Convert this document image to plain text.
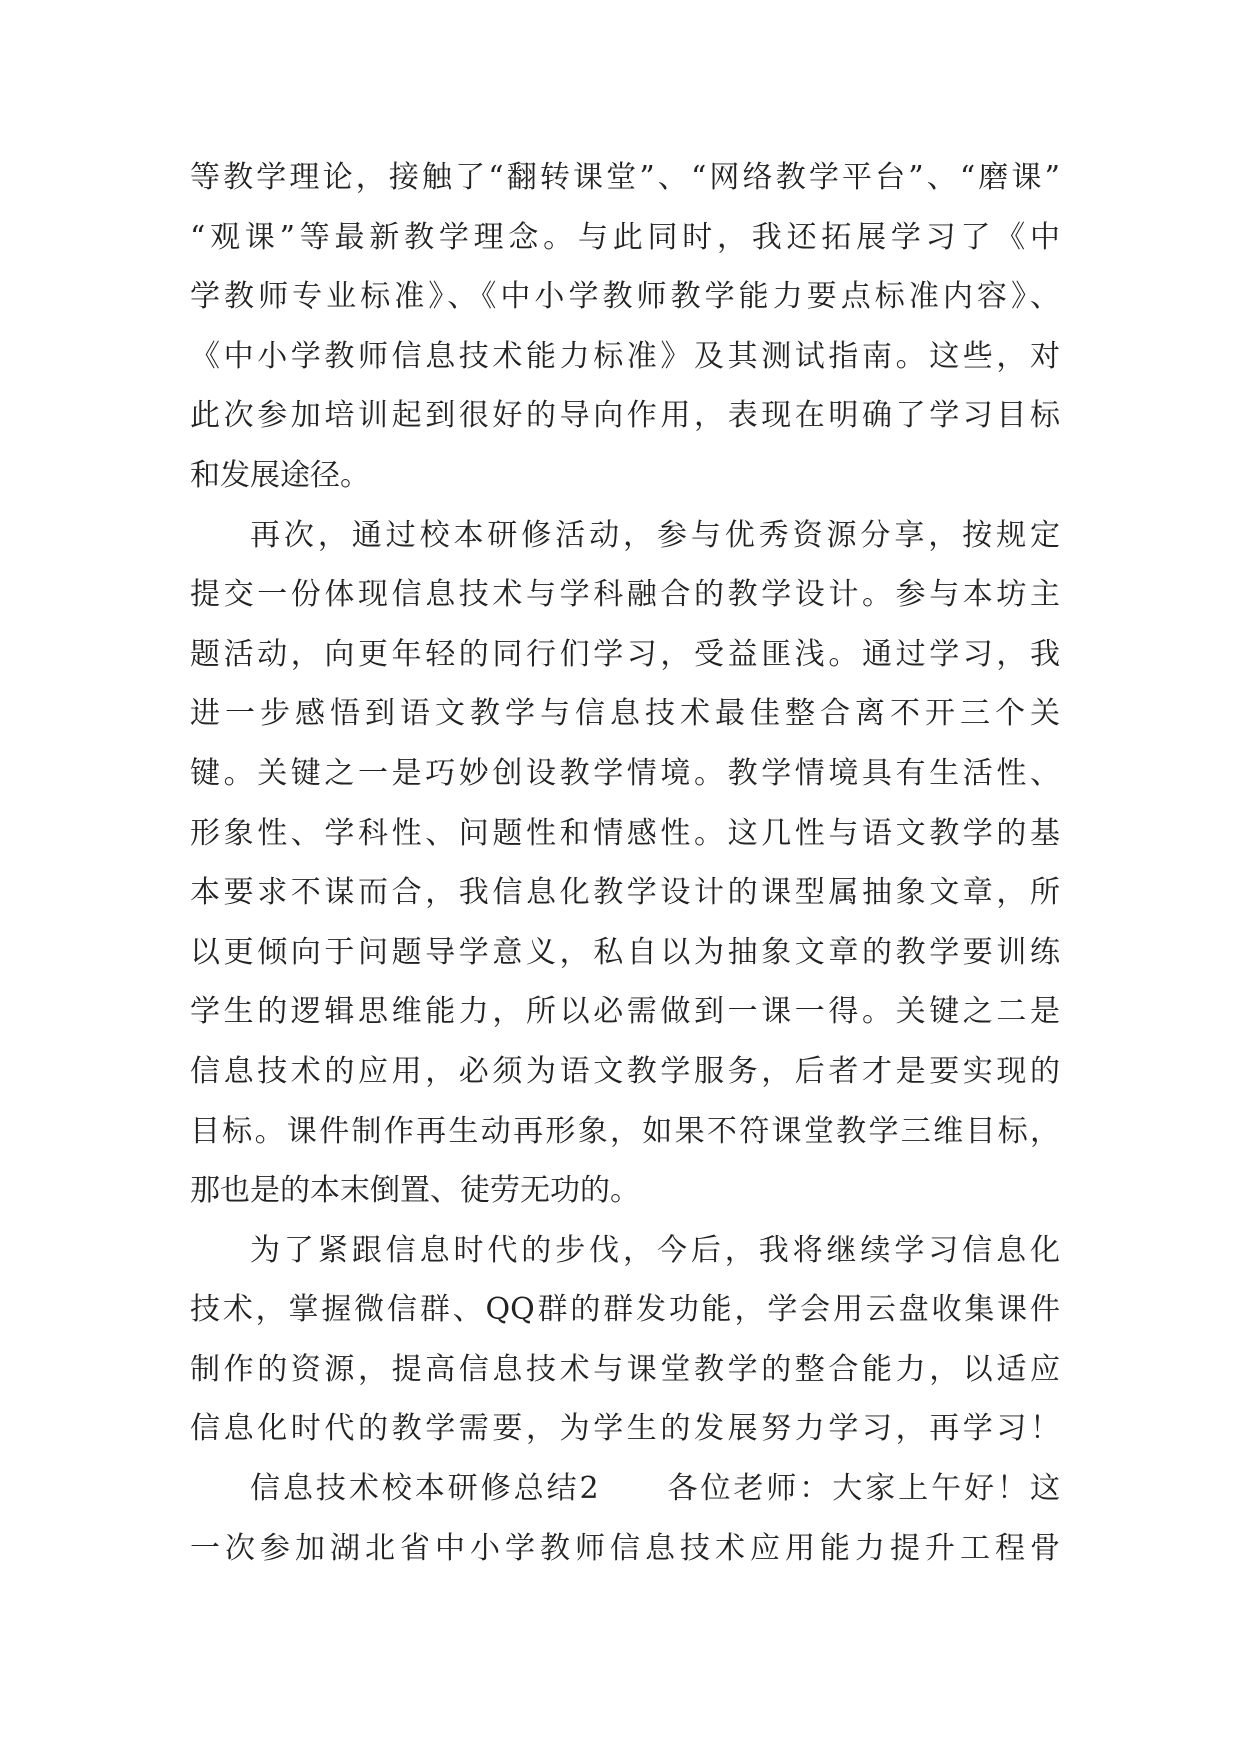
等教学理论，接触了“翻转课堂”、“网络教学平台”、“磨课”
“观课”等最新教学理念。与此同时，我还拓展学习了《中
学教师专业标准》、《中小学教师教学能力要点标准内容》、
《中小学教师信息技术能力标准》及其测试指南。这些，对
此次参加培训起到很好的导向作用，表现在明确了学习目标
和发展途径。
再次，通过校本研修活动，参与优秀资源分享，按规定
提交一份体现信息技术与学科融合的教学设计。参与本坊主
题活动，向更年轻的同行们学习，受益匪浅。通过学习，我
进一步感悟到语文教学与信息技术最佳整合离不开三个关
键。关键之一是巧妙创设教学情境。教学情境具有生活性、
形象性、学科性、问题性和情感性。这几性与语文教学的基
本要求不谋而合，我信息化教学设计的课型属抽象文章，所
以更倾向于问题导学意义，私自以为抽象文章的教学要训练
学生的逻辑思维能力，所以必需做到一课一得。关键之二是
信息技术的应用，必须为语文教学服务，后者才是要实现的
目标。课件制作再生动再形象，如果不符课堂教学三维目标，
那也是的本末倒置、徒劳无功的。
为了紧跟信息时代的步伐，今后，我将继续学习信息化
技术，掌握微信群、QQ群的群发功能，学会用云盘收集课件
制作的资源，提高信息技术与课堂教学的整合能力，以适应
信息化时代的教学需要，为学生的发展努力学习，再学习！
信息技术校本研修总结2　　各位老师：大家上午好！这
一次参加湖北省中小学教师信息技术应用能力提升工程骨
